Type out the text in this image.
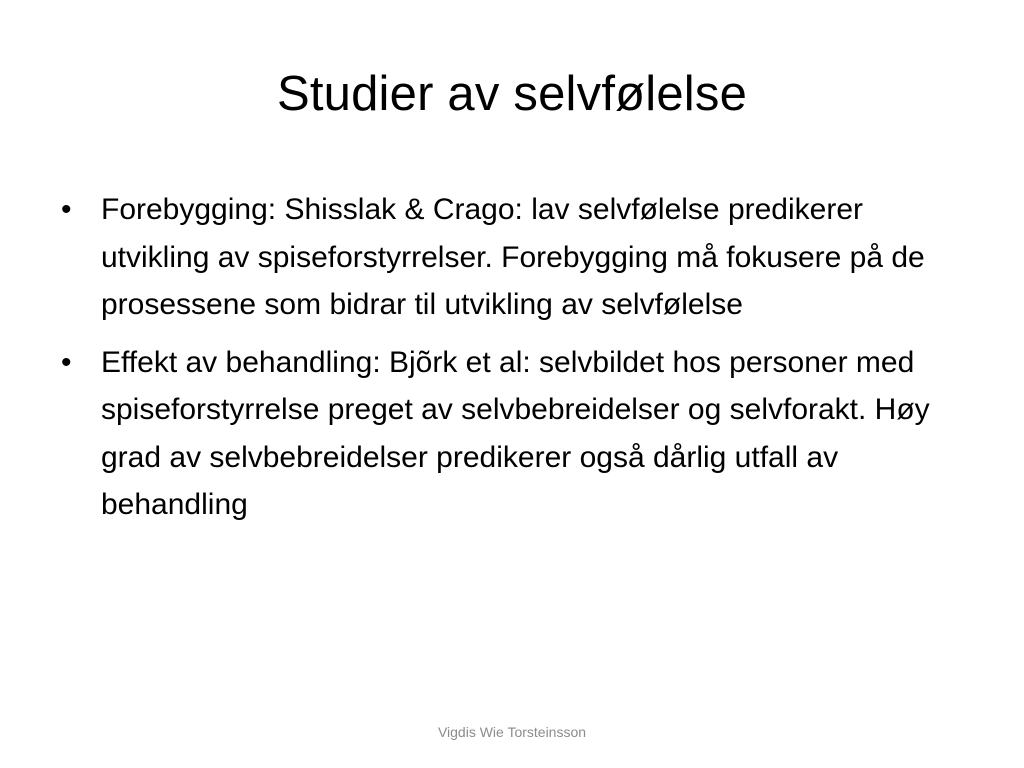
Studier av selvfølelse
• Forebygging: Shisslak & Crago: lav selvfølelse predikerer utvikling av spiseforstyrrelser. Forebygging må fokusere på de prosessene som bidrar til utvikling av selvfølelse
• Effekt av behandling: Bjõrk et al: selvbildet hos personer med spiseforstyrrelse preget av selvbebreidelser og selvforakt. Høy grad av selvbebreidelser predikerer også dårlig utfall av behandling
Vigdis Wie Torsteinsson
